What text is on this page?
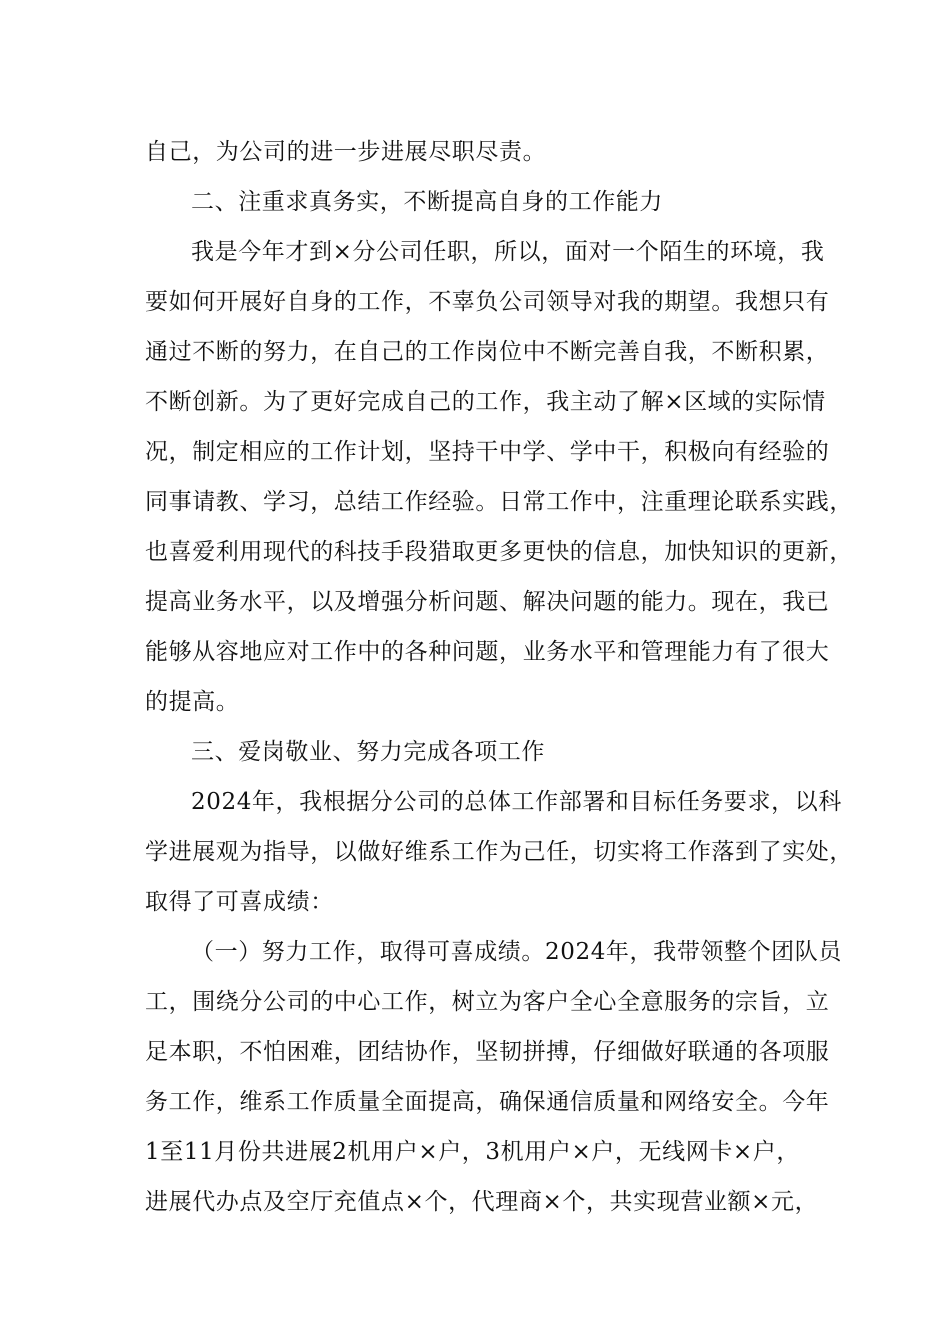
自己，为公司的进一步进展尽职尽责。
二、注重求真务实，不断提高自身的工作能力
我是今年才到×分公司任职，所以，面对一个陌生的环境，我
要如何开展好自身的工作，不辜负公司领导对我的期望。我想只有
通过不断的努力，在自己的工作岗位中不断完善自我，不断积累，
不断创新。为了更好完成自己的工作，我主动了解×区域的实际情
况，制定相应的工作计划，坚持干中学、学中干，积极向有经验的
同事请教、学习，总结工作经验。日常工作中，注重理论联系实践，
也喜爱利用现代的科技手段猎取更多更快的信息，加快知识的更新，
提高业务水平，以及增强分析问题、解决问题的能力。现在，我已
能够从容地应对工作中的各种问题，业务水平和管理能力有了很大
的提高。
三、爱岗敬业、努力完成各项工作
2024年，我根据分公司的总体工作部署和目标任务要求，以科
学进展观为指导，以做好维系工作为己任，切实将工作落到了实处，
取得了可喜成绩：
（一）努力工作，取得可喜成绩。2024年，我带领整个团队员
工，围绕分公司的中心工作，树立为客户全心全意服务的宗旨，立
足本职，不怕困难，团结协作，坚韧拼搏，仔细做好联通的各项服
务工作，维系工作质量全面提高，确保通信质量和网络安全。今年
1至11月份共进展2机用户×户，3机用户×户，无线网卡×户，
进展代办点及空厅充值点×个，代理商×个，共实现营业额×元，
